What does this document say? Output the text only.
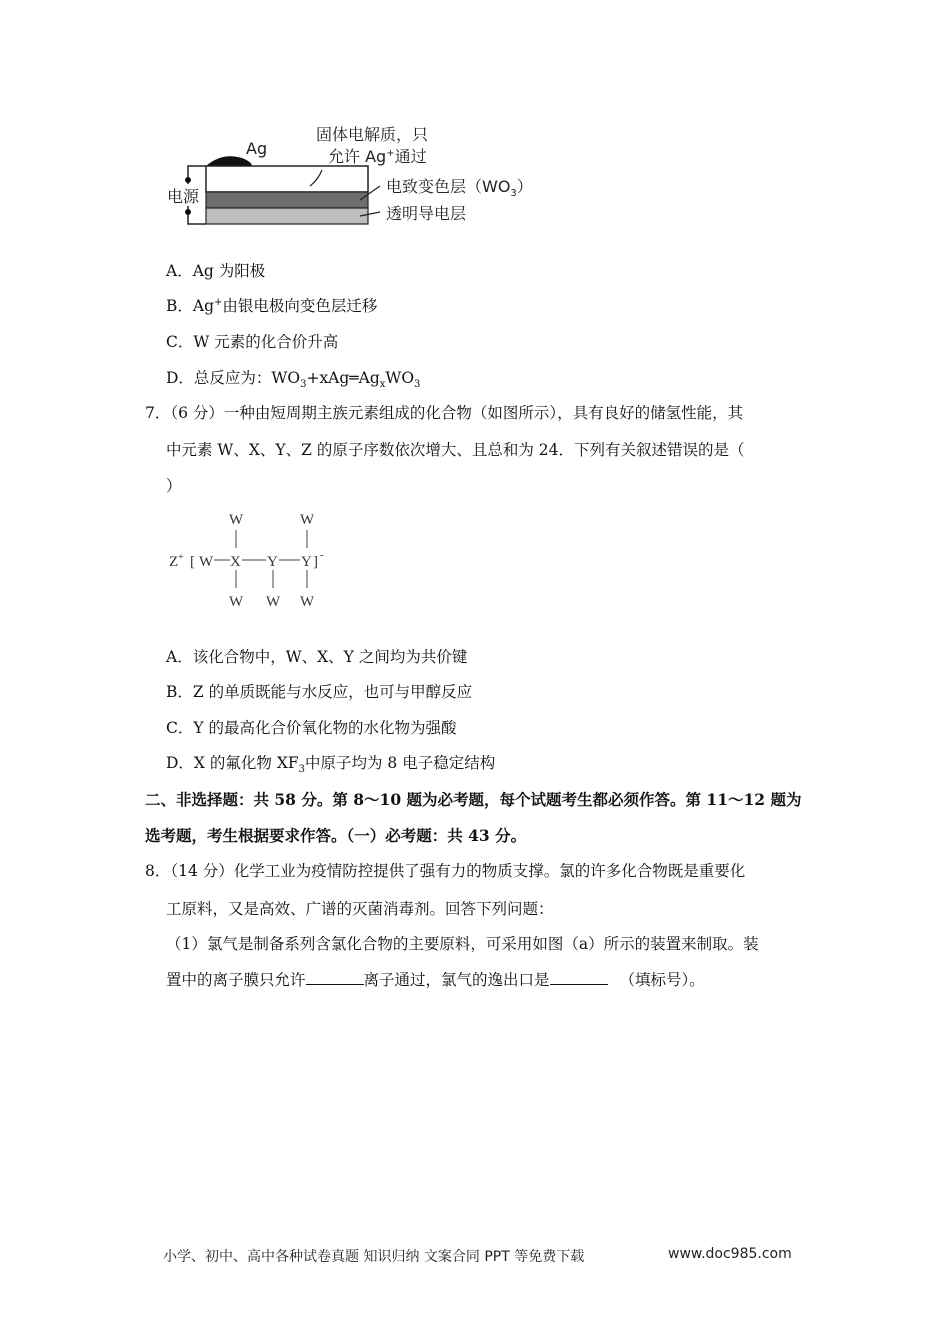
Ag
电源
固体电解质，只
允许 Ag+通过
电致变色层$(WO_3)$
透明导电层
A．Ag 为阳极
B．Ag+由银电极向变色层迁移
C．W 元素的化合价升高
D．总反应为：$WO_3+xAg═Ag_xWO_3$
7．（6 分）一种由短周期主族元素组成的化合物（如图所示），具有良好的储氢性能，其
中元素 W、X、Y、Z 的原子序数依次增大、且总和为 24．下列有关叙述错误的是（
）
W	W
Z+ [ W X Y Y ] -
W W W
A．该化合物中，W、X、Y 之间均为共价键
B．Z 的单质既能与水反应，也可与甲醇反应
C．Y 的最高化合价氧化物的水化物为强酸
D．X 的氟化物 $XF_3$中原子均为 8 电子稳定结构
二、非选择题：共 58 分。第 8～10 题为必考题，每个试题考生都必须作答。第 11～12 题为
选考题，考生根据要求作答。（一）必考题：共 43 分。
8．（14 分）化学工业为疫情防控提供了强有力的物质支撑。氯的许多化合物既是重要化
工原料，又是高效、广谱的灭菌消毒剂。回答下列问题：
（1）氯气是制备系列含氯化合物的主要原料，可采用如图（a）所示的装置来制取。装
置中的离子膜只允许	离子通过，氯气的逸出口是	（填标号）。
小学、初中、高中各种试卷真题 知识归纳 文案合同 PPT 等免费下载	www.doc985.com
